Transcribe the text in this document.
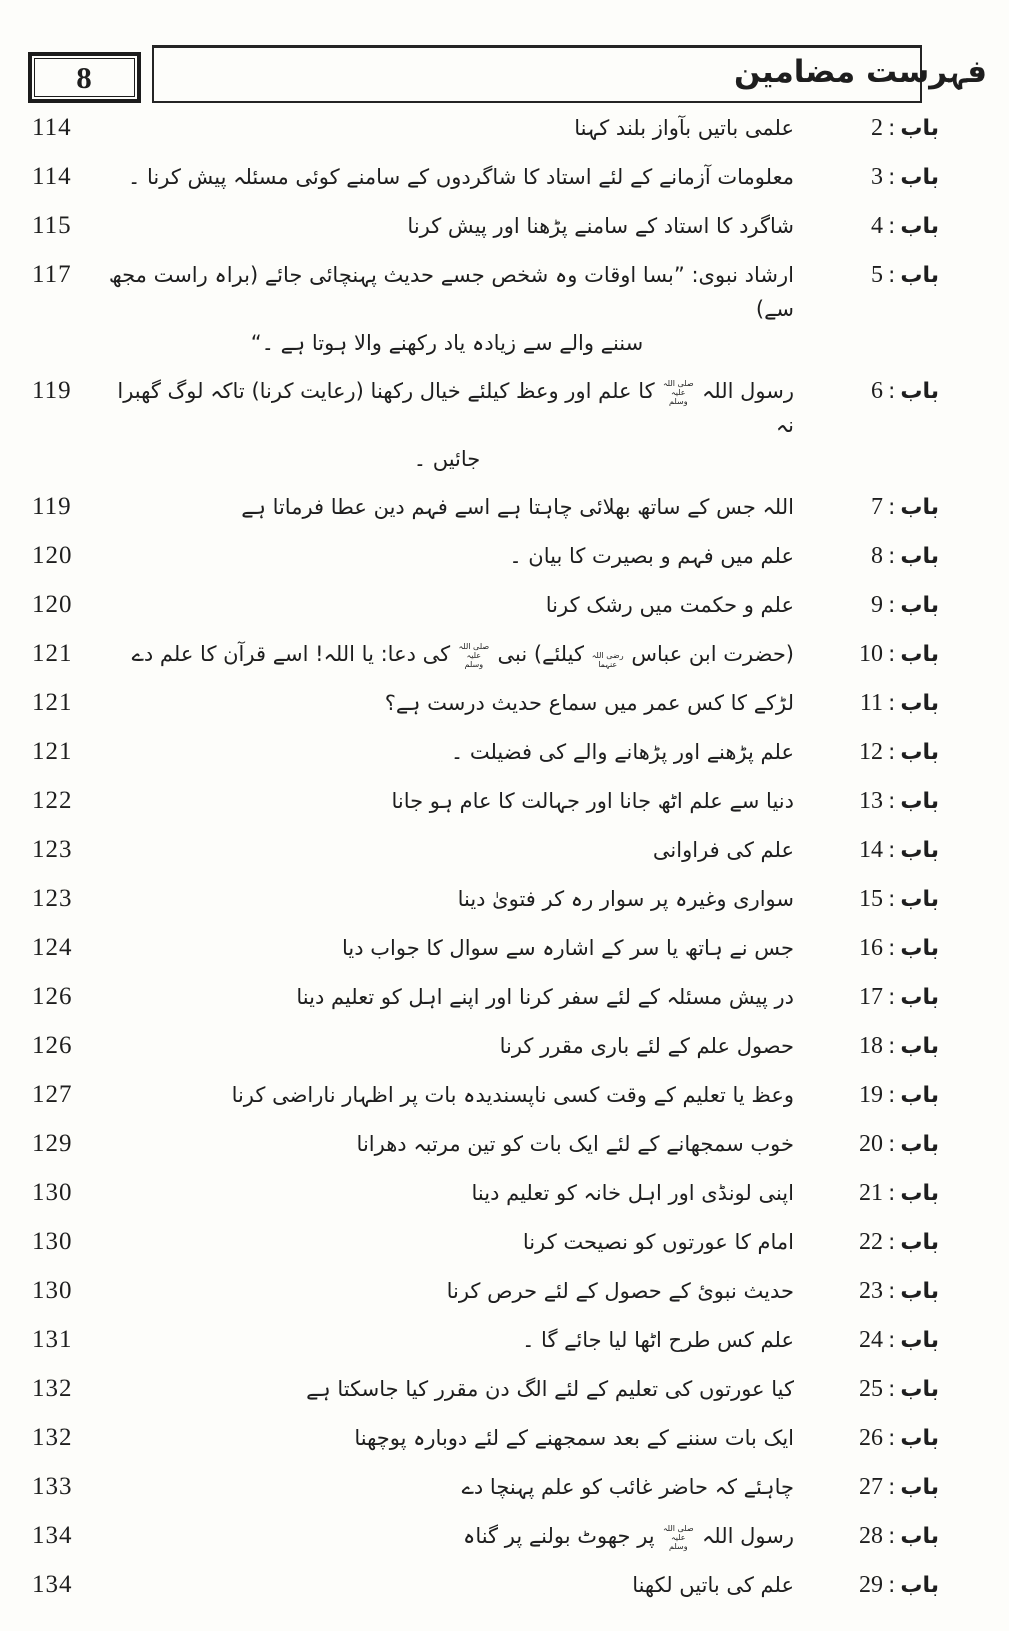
8	فہرست مضامین
114	علمی باتیں بآواز بلند کہنا	باب:2
114	معلومات آزمانے کے لئے استاد کا شاگردوں کے سامنے کوئی مسئلہ پیش کرنا ۔	باب:3
115	شاگرد کا استاد کے سامنے پڑھنا اور پیش کرنا	باب:4
117	ارشاد نبوی: ”بسا اوقات وہ شخص جسے حدیث پہنچائی جائے (براہ راست مجھ سے)
سننے والے سے زیادہ یاد رکھنے والا ہوتا ہے ۔“
باب:5
119	رسول اللہ صلی اللہ علیہ وسلم کا علم اور وعظ کیلئے خیال رکھنا (رعایت کرنا) تاکہ لوگ گھبرا نہ
جائیں ۔
باب:6
119	اللہ جس کے ساتھ بھلائی چاہتا ہے اسے فہم دین عطا فرماتا ہے	باب:7
120	علم میں فہم و بصیرت کا بیان ۔	باب:8
120	علم و حکمت میں رشک کرنا	باب:9
121	(حضرت ابن عباس رضی اللہ عنہما کیلئے) نبی صلی اللہ علیہ وسلم کی دعا: یا اللہ! اسے قرآن کا علم دے	باب:10
121	لڑکے کا کس عمر میں سماع حدیث درست ہے؟	باب:11
121	علم پڑھنے اور پڑھانے والے کی فضیلت ۔	باب:12
122	دنیا سے علم اٹھ جانا اور جہالت کا عام ہو جانا	باب:13
123	علم کی فراوانی	باب:14
123	سواری وغیرہ پر سوار رہ کر فتویٰ دینا	باب:15
124	جس نے ہاتھ یا سر کے اشارہ سے سوال کا جواب دیا	باب:16
126	در پیش مسئلہ کے لئے سفر کرنا اور اپنے اہل کو تعلیم دینا	باب:17
126	حصول علم کے لئے باری مقرر کرنا	باب:18
127	وعظ یا تعلیم کے وقت کسی ناپسندیدہ بات پر اظہار ناراضی کرنا	باب:19
129	خوب سمجھانے کے لئے ایک بات کو تین مرتبہ دھرانا	باب:20
130	اپنی لونڈی اور اہل خانہ کو تعلیم دینا	باب:21
130	امام کا عورتوں کو نصیحت کرنا	باب:22
130	حدیث نبویٔ کے حصول کے لئے حرص کرنا	باب:23
131	علم کس طرح اٹھا لیا جائے گا ۔	باب:24
132	کیا عورتوں کی تعلیم کے لئے الگ دن مقرر کیا جاسکتا ہے	باب:25
132	ایک بات سننے کے بعد سمجھنے کے لئے دوبارہ پوچھنا	باب:26
133	چاہئے کہ حاضر غائب کو علم پہنچا دے	باب:27
134	رسول اللہ صلی اللہ علیہ وسلم پر جھوٹ بولنے پر گناہ	باب:28
134	علم کی باتیں لکھنا	باب:29
